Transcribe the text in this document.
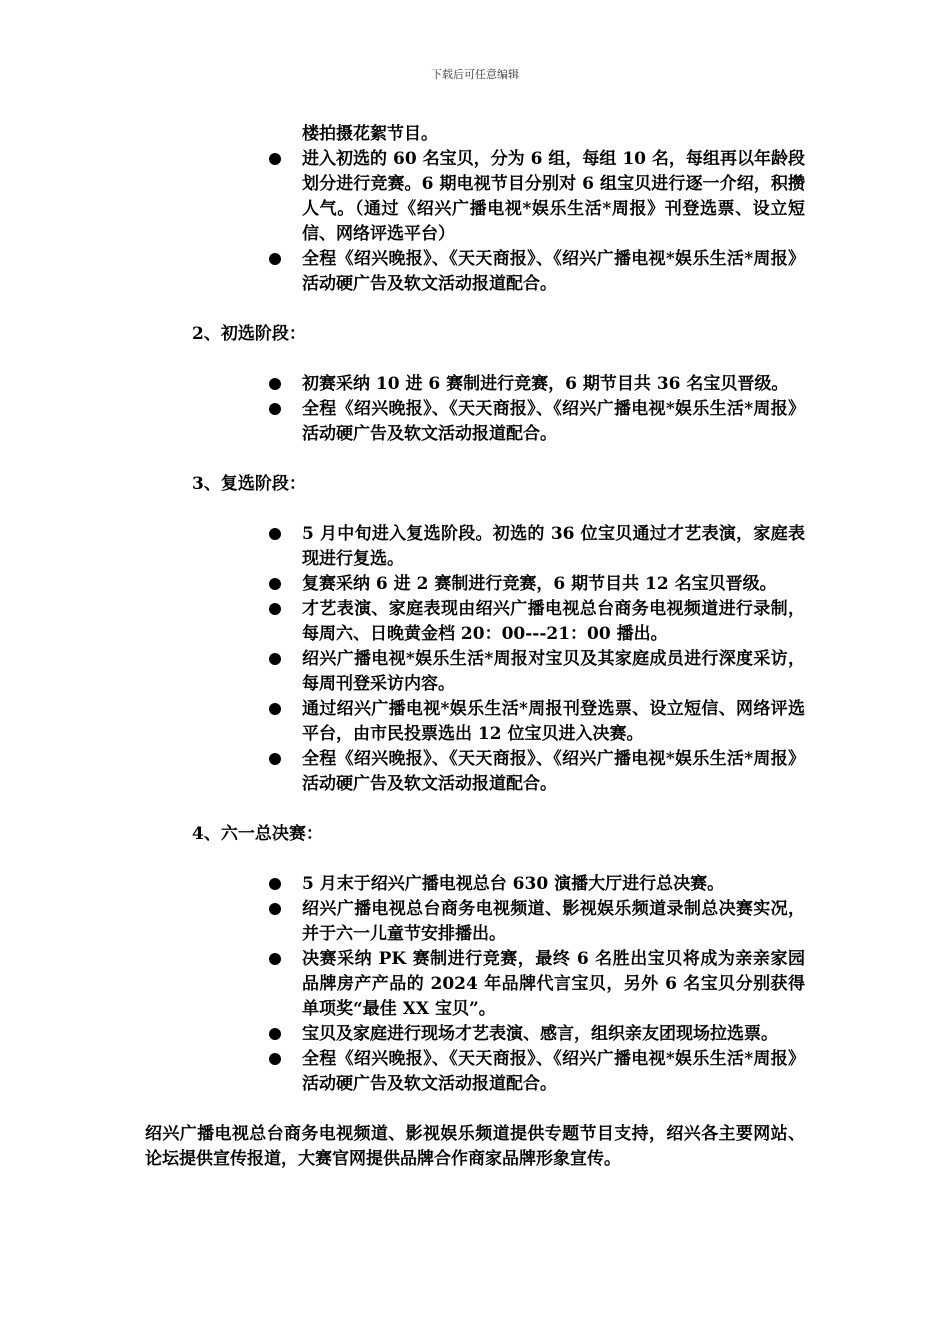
下载后可任意编辑
楼拍摄花絮节目。
进入初选的 60 名宝贝，分为 6 组，每组 10 名，每组再以年龄段划分进行竞赛。6 期电视节目分别对 6 组宝贝进行逐一介绍，积攒人气。（通过《绍兴广播电视*娱乐生活*周报》刊登选票、设立短信、网络评选平台）
全程《绍兴晚报》、《天天商报》、《绍兴广播电视*娱乐生活*周报》活动硬广告及软文活动报道配合。
2、初选阶段：
初赛采纳 10 进 6 赛制进行竞赛，6 期节目共 36 名宝贝晋级。
全程《绍兴晚报》、《天天商报》、《绍兴广播电视*娱乐生活*周报》活动硬广告及软文活动报道配合。
3、复选阶段：
5 月中旬进入复选阶段。初选的 36 位宝贝通过才艺表演，家庭表现进行复选。
复赛采纳 6 进 2 赛制进行竞赛，6 期节目共 12 名宝贝晋级。
才艺表演、家庭表现由绍兴广播电视总台商务电视频道进行录制，每周六、日晚黄金档 20：00---21：00 播出。
绍兴广播电视*娱乐生活*周报对宝贝及其家庭成员进行深度采访，每周刊登采访内容。
通过绍兴广播电视*娱乐生活*周报刊登选票、设立短信、网络评选平台，由市民投票选出 12 位宝贝进入决赛。
全程《绍兴晚报》、《天天商报》、《绍兴广播电视*娱乐生活*周报》活动硬广告及软文活动报道配合。
4、六一总决赛：
5 月末于绍兴广播电视总台 630 演播大厅进行总决赛。
绍兴广播电视总台商务电视频道、影视娱乐频道录制总决赛实况，并于六一儿童节安排播出。
决赛采纳 PK 赛制进行竞赛，最终 6 名胜出宝贝将成为亲亲家园品牌房产产品的 2024 年品牌代言宝贝，另外 6 名宝贝分别获得单项奖“最佳 XX 宝贝”。
宝贝及家庭进行现场才艺表演、感言，组织亲友团现场拉选票。
全程《绍兴晚报》、《天天商报》、《绍兴广播电视*娱乐生活*周报》活动硬广告及软文活动报道配合。

绍兴广播电视总台商务电视频道、影视娱乐频道提供专题节目支持，绍兴各主要网站、论坛提供宣传报道，大赛官网提供品牌合作商家品牌形象宣传。
